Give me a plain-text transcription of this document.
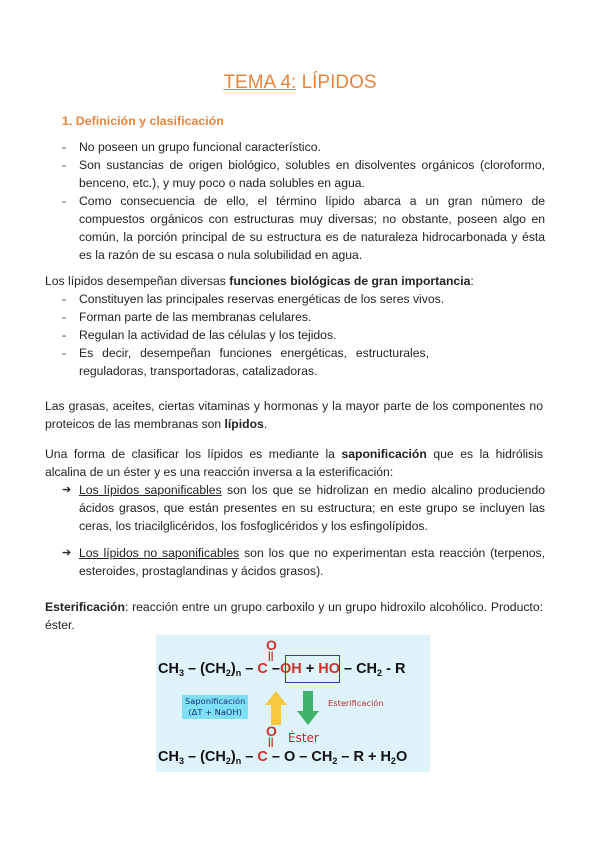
TEMA 4: LÍPIDOS
1. Definición y clasificación
- No poseen un grupo funcional característico.
- Son sustancias de origen biológico, solubles en disolventes orgánicos (cloroformo, benceno, etc.), y muy poco o nada solubles en agua.
- Como consecuencia de ello, el término lípido abarca a un gran número de compuestos orgánicos con estructuras muy diversas; no obstante, poseen algo en común, la porción principal de su estructura es de naturaleza hidrocarbonada y ésta es la razón de su escasa o nula solubilidad en agua.

Los lípidos desempeñan diversas funciones biológicas de gran importancia:

- Constituyen las principales reservas energéticas de los seres vivos.
- Forman parte de las membranas celulares.
- Regulan la actividad de las células y los tejidos.
- Es decir, desempeñan funciones energéticas, estructurales, reguladoras, transportadoras, catalizadoras.

Las grasas, aceites, ciertas vitaminas y hormonas y la mayor parte de los componentes no proteicos de las membranas son lípidos.

Una forma de clasificar los lípidos es mediante la saponificación que es la hidrólisis alcalina de un éster y es una reacción inversa a la esterificación:

➔ Los lípidos saponificables son los que se hidrolizan en medio alcalino produciendo ácidos grasos, que están presentes en su estructura; en este grupo se incluyen las ceras, los triacilglicéridos, los fosfoglicéridos y los esfingolípidos.
➔ Los lípidos no saponificables son los que no experimentan esta reacción (terpenos, esteroides, prostaglandinas y ácidos grasos).

Esterificación: reacción entre un grupo carboxilo y un grupo hidroxilo alcohólico. Producto: éster.

O
||
$CH_3 - (CH_2)_n$ – C –OH + HO – $CH_2$ - R
Saponificación
(ΔT + NaOH)
Esterificación
O
|| Éster
$CH_3 - (CH_2)_n - C - O - CH_2 - R + H_2O$
